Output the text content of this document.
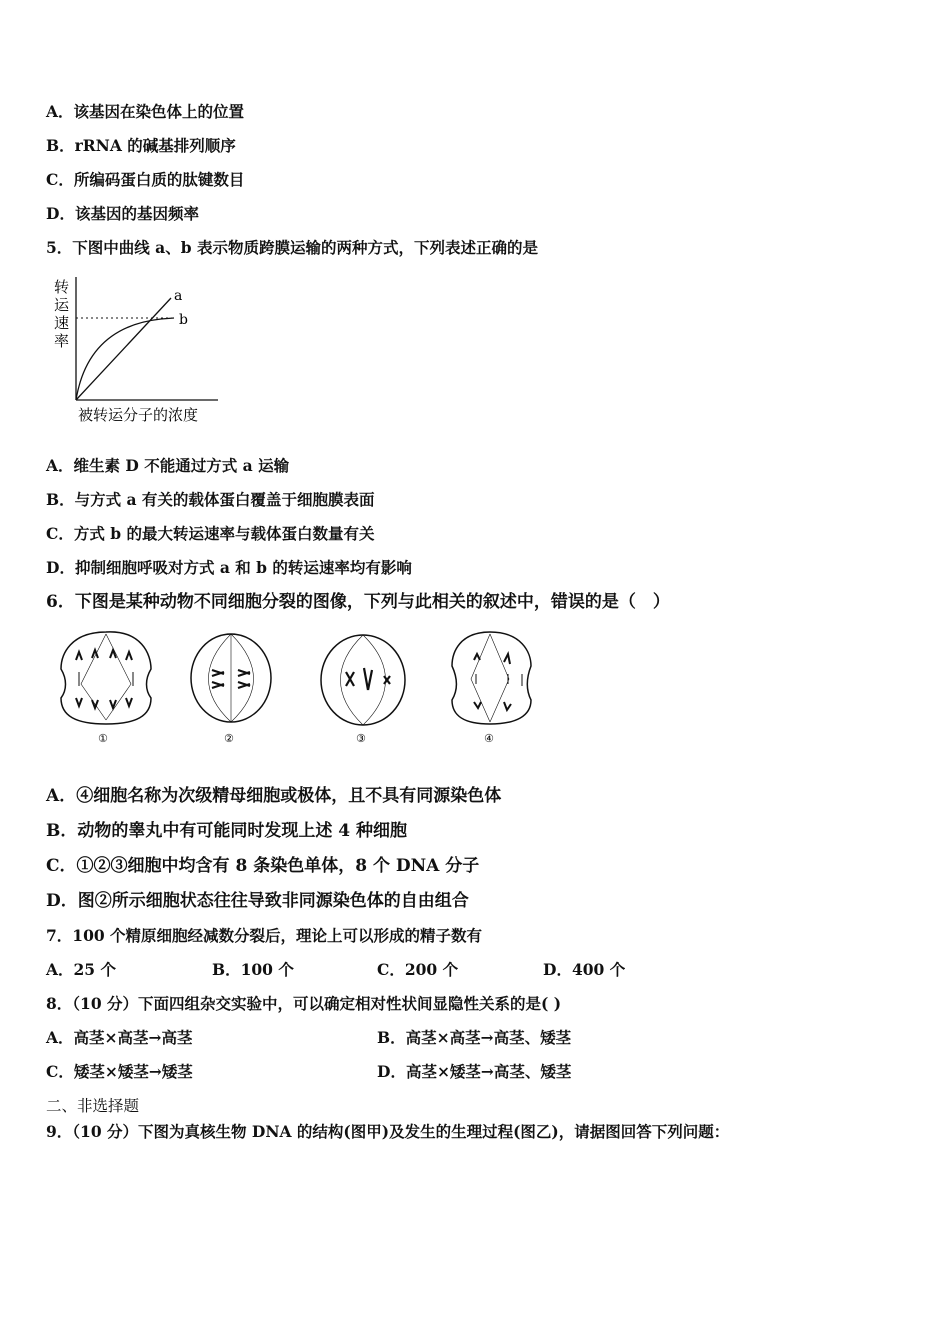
A．该基因在染色体上的位置
B．rRNA 的碱基排列顺序
C．所编码蛋白质的肽键数目
D．该基因的基因频率
5．下图中曲线 a、b 表示物质跨膜运输的两种方式，下列表述正确的是
转
运
速
率
a
b
被转运分子的浓度
A．维生素 D 不能通过方式 a 运输
B．与方式 a 有关的载体蛋白覆盖于细胞膜表面
C．方式 b 的最大转运速率与载体蛋白数量有关
D．抑制细胞呼吸对方式 a 和 b 的转运速率均有影响
6．下图是某种动物不同细胞分裂的图像，下列与此相关的叙述中，错误的是（　）
①	②	③	④
A．④细胞名称为次级精母细胞或极体，且不具有同源染色体
B．动物的睾丸中有可能同时发现上述 4 种细胞
C．①②③细胞中均含有 8 条染色单体，8 个 DNA 分子
D．图②所示细胞状态往往导致非同源染色体的自由组合
7．100 个精原细胞经减数分裂后，理论上可以形成的精子数有
A．25 个	B．100 个	C．200 个	D．400 个
8．（10 分）下面四组杂交实验中，可以确定相对性状间显隐性关系的是( )
A．高茎×高茎→高茎	B．高茎×高茎→高茎、矮茎
C．矮茎×矮茎→矮茎	D．高茎×矮茎→高茎、矮茎
二、非选择题
9．（10 分）下图为真核生物 DNA 的结构(图甲)及发生的生理过程(图乙)，请据图回答下列问题：
